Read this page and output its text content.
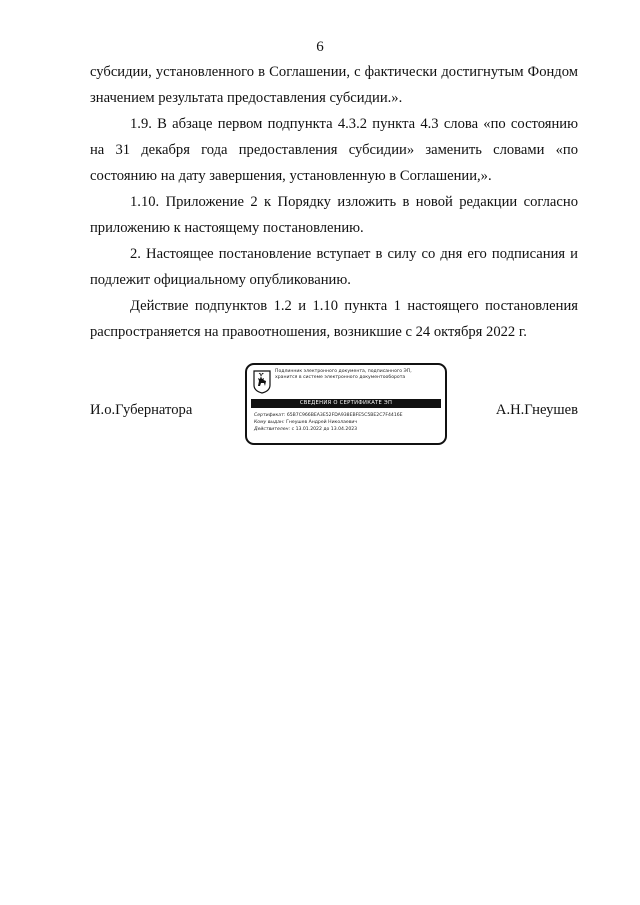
6

субсидии, установленного в Соглашении, с фактически достигнутым Фондом значением результата предоставления субсидии.».

1.9. В абзаце первом подпункта 4.3.2 пункта 4.3 слова «по состоянию на 31 декабря года предоставления субсидии» заменить словами «по состоянию на дату завершения, установленную в Соглашении,».

1.10. Приложение 2 к Порядку изложить в новой редакции согласно приложению к настоящему постановлению.

2. Настоящее постановление вступает в силу со дня его подписания и подлежит официальному опубликованию.

Действие подпунктов 1.2 и 1.10 пункта 1 настоящего постановления распространяется на правоотношения, возникшие с 24 октября 2022 г.

И.о.Губернатора
Подлинник электронного документа, подписанного ЭП,
хранится в системе электронного документооборота
СВЕДЕНИЯ О СЕРТИФИКАТЕ ЭП
Сертификат: 65B7C966BEA3E52FDA938EBFE5C5BE2C7F4416E
Кому выдан: Гнеушев Андрей Николаевич
Действителен: с 13.01.2022 до 13.04.2023
А.Н.Гнеушев
